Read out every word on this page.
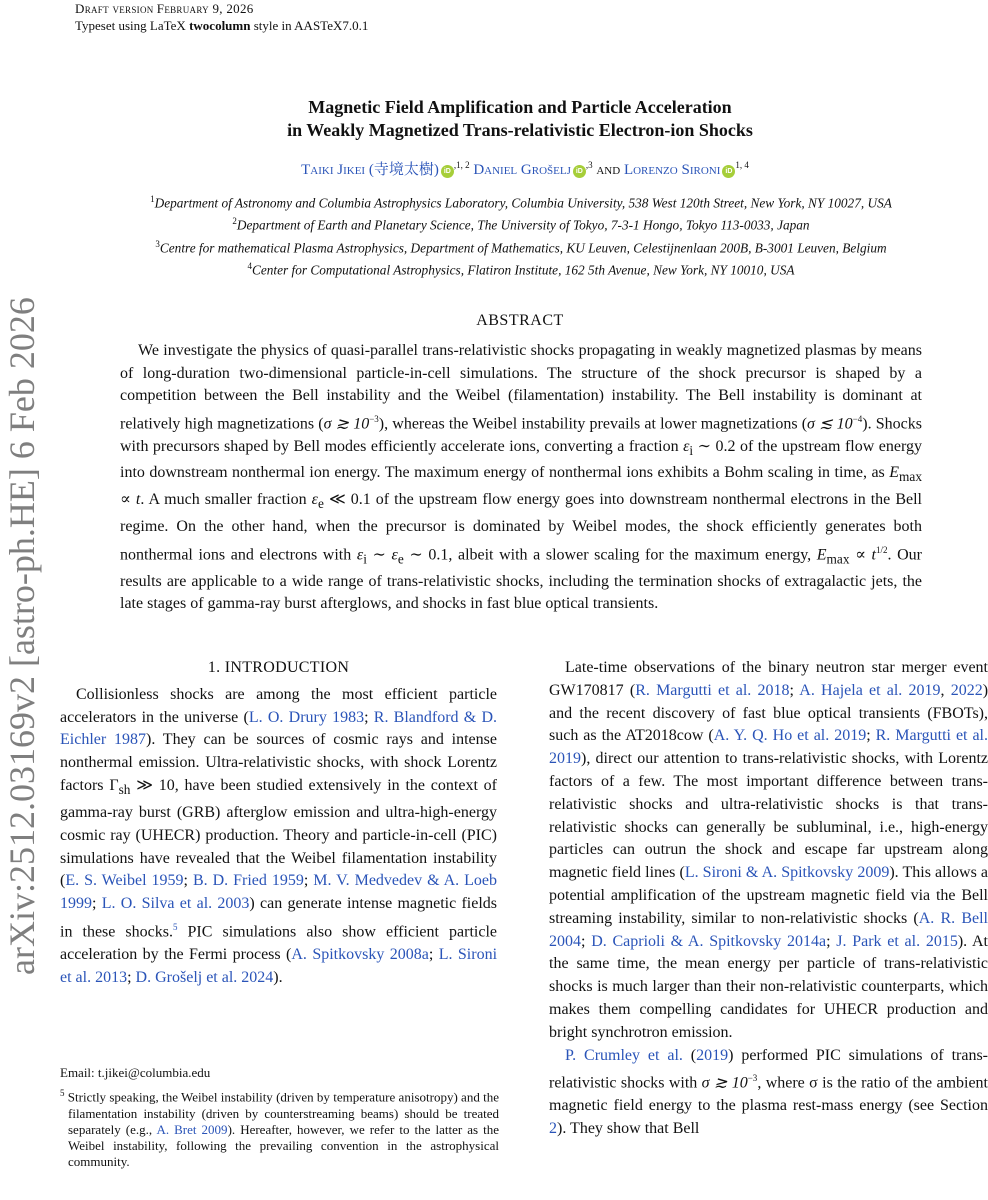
Draft version February 9, 2026
Typeset using LaTeX twocolumn style in AASTeX7.0.1
arXiv:2512.03169v2 [astro-ph.HE] 6 Feb 2026
Magnetic Field Amplification and Particle Acceleration
in Weakly Magnetized Trans-relativistic Electron-ion Shocks
Taiki Jikei (寺境太樹) $iD^{,1, 2}$ Daniel Grošelj $iD^{,3}$ and Lorenzo Sironi iD$^{1, 4}$
$^1$Department of Astronomy and Columbia Astrophysics Laboratory, Columbia University, 538 West 120th Street, New York, NY 10027, USA
$^2$Department of Earth and Planetary Science, The University of Tokyo, 7-3-1 Hongo, Tokyo 113-0033, Japan
$^3$Centre for mathematical Plasma Astrophysics, Department of Mathematics, KU Leuven, Celestijnenlaan 200B, B-3001 Leuven, Belgium
$^4$Center for Computational Astrophysics, Flatiron Institute, 162 5th Avenue, New York, NY 10010, USA
ABSTRACT
We investigate the physics of quasi-parallel trans-relativistic shocks propagating in weakly magnetized plasmas by means of long-duration two-dimensional particle-in-cell simulations. The structure of the shock precursor is shaped by a competition between the Bell instability and the Weibel (filamentation) instability. The Bell instability is dominant at relatively high magnetizations (σ ≳ $10^{-3}$), whereas the Weibel instability prevails at lower magnetizations (σ ≲ $10^{-4}$). Shocks with precursors shaped by Bell modes efficiently accelerate ions, converting a fraction $\varepsilon_i$ ∼ 0.2 of the upstream flow energy into downstream nonthermal ion energy. The maximum energy of nonthermal ions exhibits a Bohm scaling in time, as $E_{max} \propto t$. A much smaller fraction $\varepsilon_e$ ≪ 0.1 of the upstream flow energy goes into downstream nonthermal electrons in the Bell regime. On the other hand, when the precursor is dominated by Weibel modes, the shock efficiently generates both nonthermal ions and electrons with $\varepsilon_i$ ∼ $\varepsilon_e$ ∼ 0.1, albeit with a slower scaling for the maximum energy, $E_{max} \propto t^{1/2}$. Our results are applicable to a wide range of trans-relativistic shocks, including the termination shocks of extragalactic jets, the late stages of gamma-ray burst afterglows, and shocks in fast blue optical transients.
1. INTRODUCTION

Collisionless shocks are among the most efficient particle accelerators in the universe (L. O. Drury 1983; R. Blandford & D. Eichler 1987). They can be sources of cosmic rays and intense nonthermal emission. Ultra-relativistic shocks, with shock Lorentz factors $\Gamma_{sh}$ ≫ 10, have been studied extensively in the context of gamma-ray burst (GRB) afterglow emission and ultra-high-energy cosmic ray (UHECR) production. Theory and particle-in-cell (PIC) simulations have revealed that the Weibel filamentation instability (E. S. Weibel 1959; B. D. Fried 1959; M. V. Medvedev & A. Loeb 1999; L. O. Silva et al. 2003) can generate intense magnetic fields in these shocks.$^5$ PIC simulations also show efficient particle acceleration by the Fermi process (A. Spitkovsky 2008a; L. Sironi et al. 2013; D. Grošelj et al. 2024).

Email: t.jikei@columbia.edu
$^5$ Strictly speaking, the Weibel instability (driven by temperature anisotropy) and the filamentation instability (driven by counterstreaming beams) should be treated separately (e.g., A. Bret 2009). Hereafter, however, we refer to the latter as the Weibel instability, following the prevailing convention in the astrophysical community.

Late-time observations of the binary neutron star merger event GW170817 (R. Margutti et al. 2018; A. Hajela et al. 2019, 2022) and the recent discovery of fast blue optical transients (FBOTs), such as the AT2018cow (A. Y. Q. Ho et al. 2019; R. Margutti et al. 2019), direct our attention to trans-relativistic shocks, with Lorentz factors of a few. The most important difference between trans-relativistic shocks and ultra-relativistic shocks is that trans-relativistic shocks can generally be subluminal, i.e., high-energy particles can outrun the shock and escape far upstream along magnetic field lines (L. Sironi & A. Spitkovsky 2009). This allows a potential amplification of the upstream magnetic field via the Bell streaming instability, similar to non-relativistic shocks (A. R. Bell 2004; D. Caprioli & A. Spitkovsky 2014a; J. Park et al. 2015). At the same time, the mean energy per particle of trans-relativistic shocks is much larger than their non-relativistic counterparts, which makes them compelling candidates for UHECR production and bright synchrotron emission.

P. Crumley et al. (2019) performed PIC simulations of trans-relativistic shocks with σ ≳ $10^{-3}$, where σ is the ratio of the ambient magnetic field energy to the plasma rest-mass energy (see Section 2). They show that Bell
